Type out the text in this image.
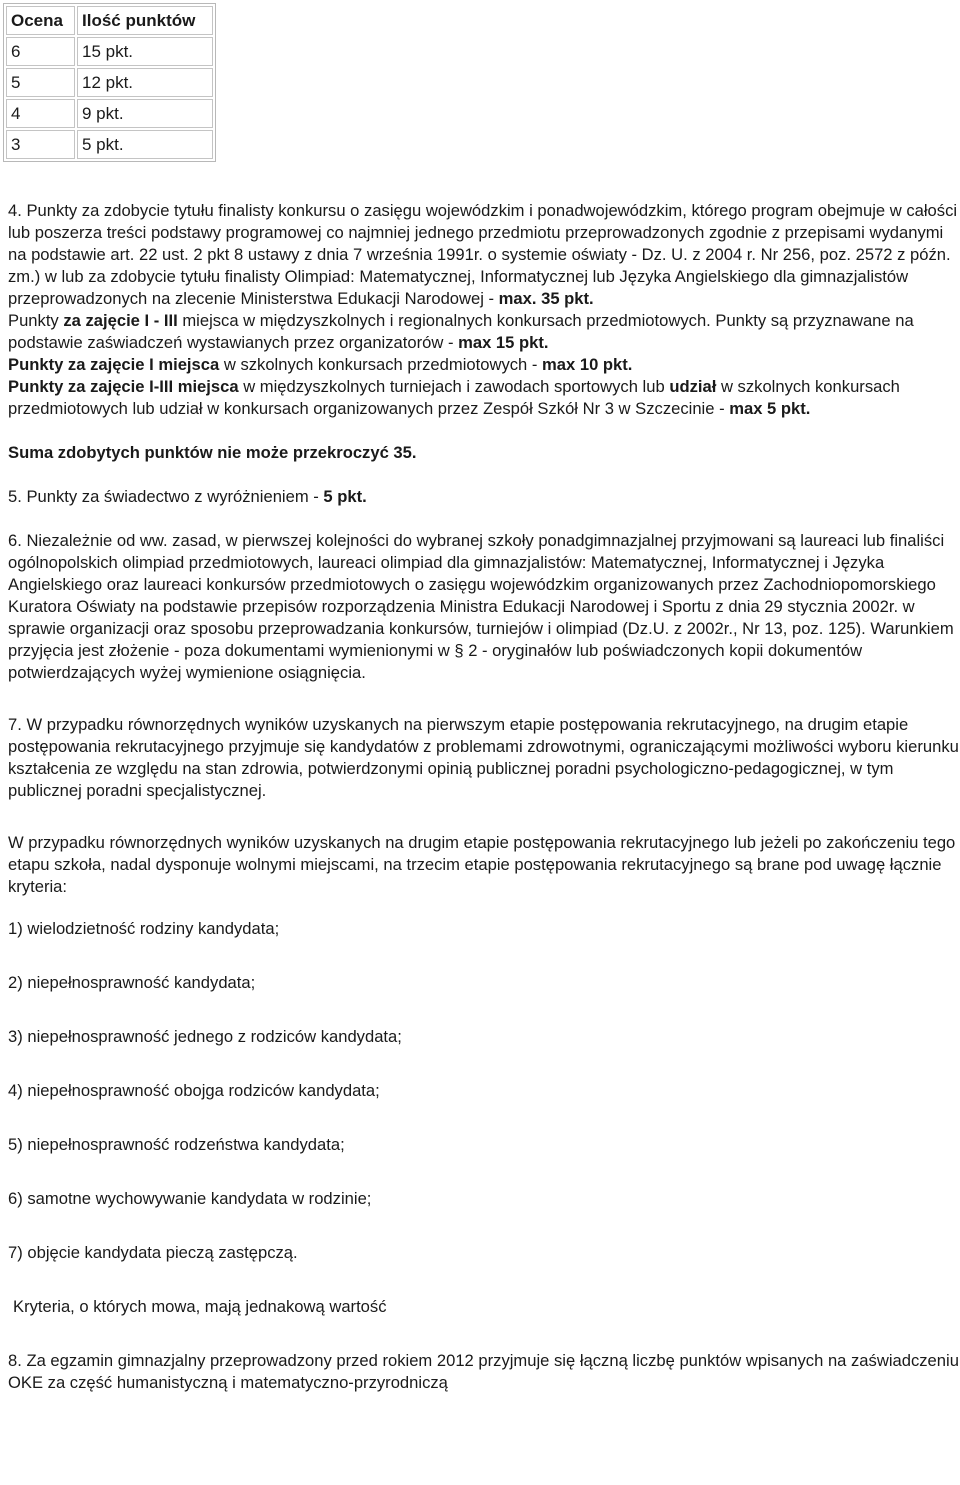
Ocena	Ilość punktów
6	15 pkt.
5	12 pkt.
4	9 pkt.
3	5 pkt.

4. Punkty za zdobycie tytułu finalisty konkursu o zasięgu wojewódzkim i ponadwojewódzkim, którego program obejmuje w całości lub poszerza treści podstawy programowej co najmniej jednego przedmiotu przeprowadzonych zgodnie z przepisami wydanymi na podstawie art. 22 ust. 2 pkt 8 ustawy z dnia 7 września 1991r. o systemie oświaty - Dz. U. z 2004 r. Nr 256, poz. 2572 z późn. zm.) w lub za zdobycie tytułu finalisty Olimpiad: Matematycznej, Informatycznej lub Języka Angielskiego dla gimnazjalistów przeprowadzonych na zlecenie Ministerstwa Edukacji Narodowej - max. 35 pkt.

Punkty za zajęcie I - III miejsca w międzyszkolnych i regionalnych konkursach przedmiotowych. Punkty są przyznawane na podstawie zaświadczeń wystawianych przez organizatorów - max 15 pkt.

Punkty za zajęcie I miejsca w szkolnych konkursach przedmiotowych - max 10 pkt.

Punkty za zajęcie I-III miejsca w międzyszkolnych turniejach i zawodach sportowych lub udział w szkolnych konkursach przedmiotowych lub udział w konkursach organizowanych przez Zespół Szkół Nr 3 w Szczecinie - max 5 pkt.

Suma zdobytych punktów nie może przekroczyć 35.

5. Punkty za świadectwo z wyróżnieniem - 5 pkt.

6. Niezależnie od ww. zasad, w pierwszej kolejności do wybranej szkoły ponadgimnazjalnej przyjmowani są laureaci lub finaliści ogólnopolskich olimpiad przedmiotowych, laureaci olimpiad dla gimnazjalistów: Matematycznej, Informatycznej i Języka Angielskiego oraz laureaci konkursów przedmiotowych o zasięgu wojewódzkim organizowanych przez Zachodniopomorskiego Kuratora Oświaty na podstawie przepisów rozporządzenia Ministra Edukacji Narodowej i Sportu z dnia 29 stycznia 2002r. w sprawie organizacji oraz sposobu przeprowadzania konkursów, turniejów i olimpiad (Dz.U. z 2002r., Nr 13, poz. 125). Warunkiem przyjęcia jest złożenie - poza dokumentami wymienionymi w § 2 - oryginałów lub poświadczonych kopii dokumentów potwierdzających wyżej wymienione osiągnięcia.

7. W przypadku równorzędnych wyników uzyskanych na pierwszym etapie postępowania rekrutacyjnego, na drugim etapie postępowania rekrutacyjnego przyjmuje się kandydatów z problemami zdrowotnymi, ograniczającymi możliwości wyboru kierunku kształcenia ze względu na stan zdrowia, potwierdzonymi opinią publicznej poradni psychologiczno-pedagogicznej, w tym publicznej poradni specjalistycznej.

W przypadku równorzędnych wyników uzyskanych na drugim etapie postępowania rekrutacyjnego lub jeżeli po zakończeniu tego etapu szkoła, nadal dysponuje wolnymi miejscami, na trzecim etapie postępowania rekrutacyjnego są brane pod uwagę łącznie kryteria:

1) wielodzietność rodziny kandydata;

2) niepełnosprawność kandydata;

3) niepełnosprawność jednego z rodziców kandydata;

4) niepełnosprawność obojga rodziców kandydata;

5) niepełnosprawność rodzeństwa kandydata;

6) samotne wychowywanie kandydata w rodzinie;

7) objęcie kandydata pieczą zastępczą.

Kryteria, o których mowa, mają jednakową wartość

8. Za egzamin gimnazjalny przeprowadzony przed rokiem 2012 przyjmuje się łączną liczbę punktów wpisanych na zaświadczeniu OKE za część humanistyczną i matematyczno-przyrodniczą
